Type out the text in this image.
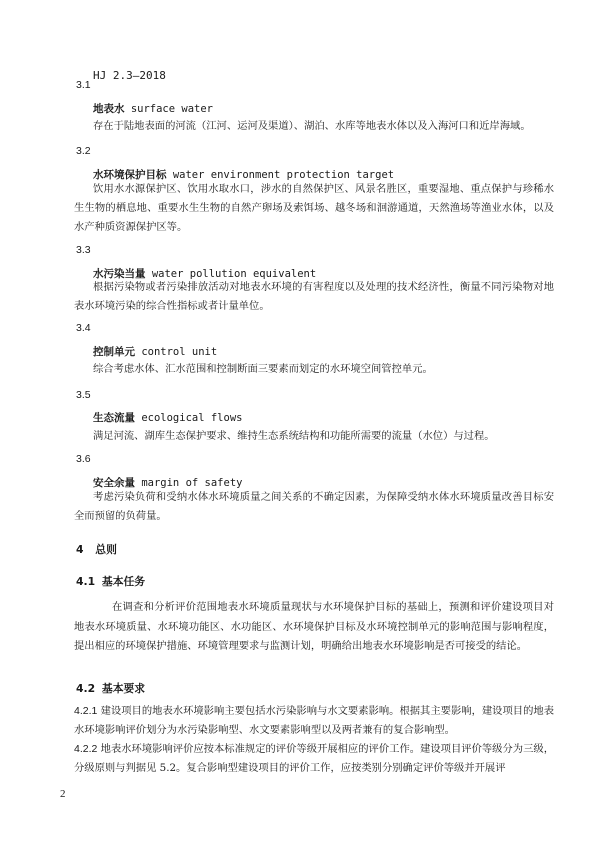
HJ 2.3—2018
3.1
地表水 surface water
存在于陆地表面的河流（江河、运河及渠道）、湖泊、水库等地表水体以及入海河口和近岸海域。
3.2
水环境保护目标 water environment protection target
饮用水水源保护区、饮用水取水口，涉水的自然保护区、风景名胜区，重要湿地、重点保护与珍稀水生生物的栖息地、重要水生生物的自然产卵场及索饵场、越冬场和洄游通道，天然渔场等渔业水体，以及水产种质资源保护区等。
3.3
水污染当量 water pollution equivalent
根据污染物或者污染排放活动对地表水环境的有害程度以及处理的技术经济性，衡量不同污染物对地表水环境污染的综合性指标或者计量单位。
3.4
控制单元 control unit
综合考虑水体、汇水范围和控制断面三要素而划定的水环境空间管控单元。
3.5
生态流量 ecological flows
满足河流、湖库生态保护要求、维持生态系统结构和功能所需要的流量（水位）与过程。
3.6
安全余量 margin of safety
考虑污染负荷和受纳水体水环境质量之间关系的不确定因素，为保障受纳水体水环境质量改善目标安全而预留的负荷量。
4 总则
4.1 基本任务
在调查和分析评价范围地表水环境质量现状与水环境保护目标的基础上，预测和评价建设项目对地表水环境质量、水环境功能区、水功能区、水环境保护目标及水环境控制单元的影响范围与影响程度，提出相应的环境保护措施、环境管理要求与监测计划，明确给出地表水环境影响是否可接受的结论。
4.2 基本要求
4.2.1 建设项目的地表水环境影响主要包括水污染影响与水文要素影响。根据其主要影响，建设项目的地表水环境影响评价划分为水污染影响型、水文要素影响型以及两者兼有的复合影响型。
4.2.2 地表水环境影响评价应按本标准规定的评价等级开展相应的评价工作。建设项目评价等级分为三级，分级原则与判据见 5.2。复合影响型建设项目的评价工作，应按类别分别确定评价等级并开展评
2
